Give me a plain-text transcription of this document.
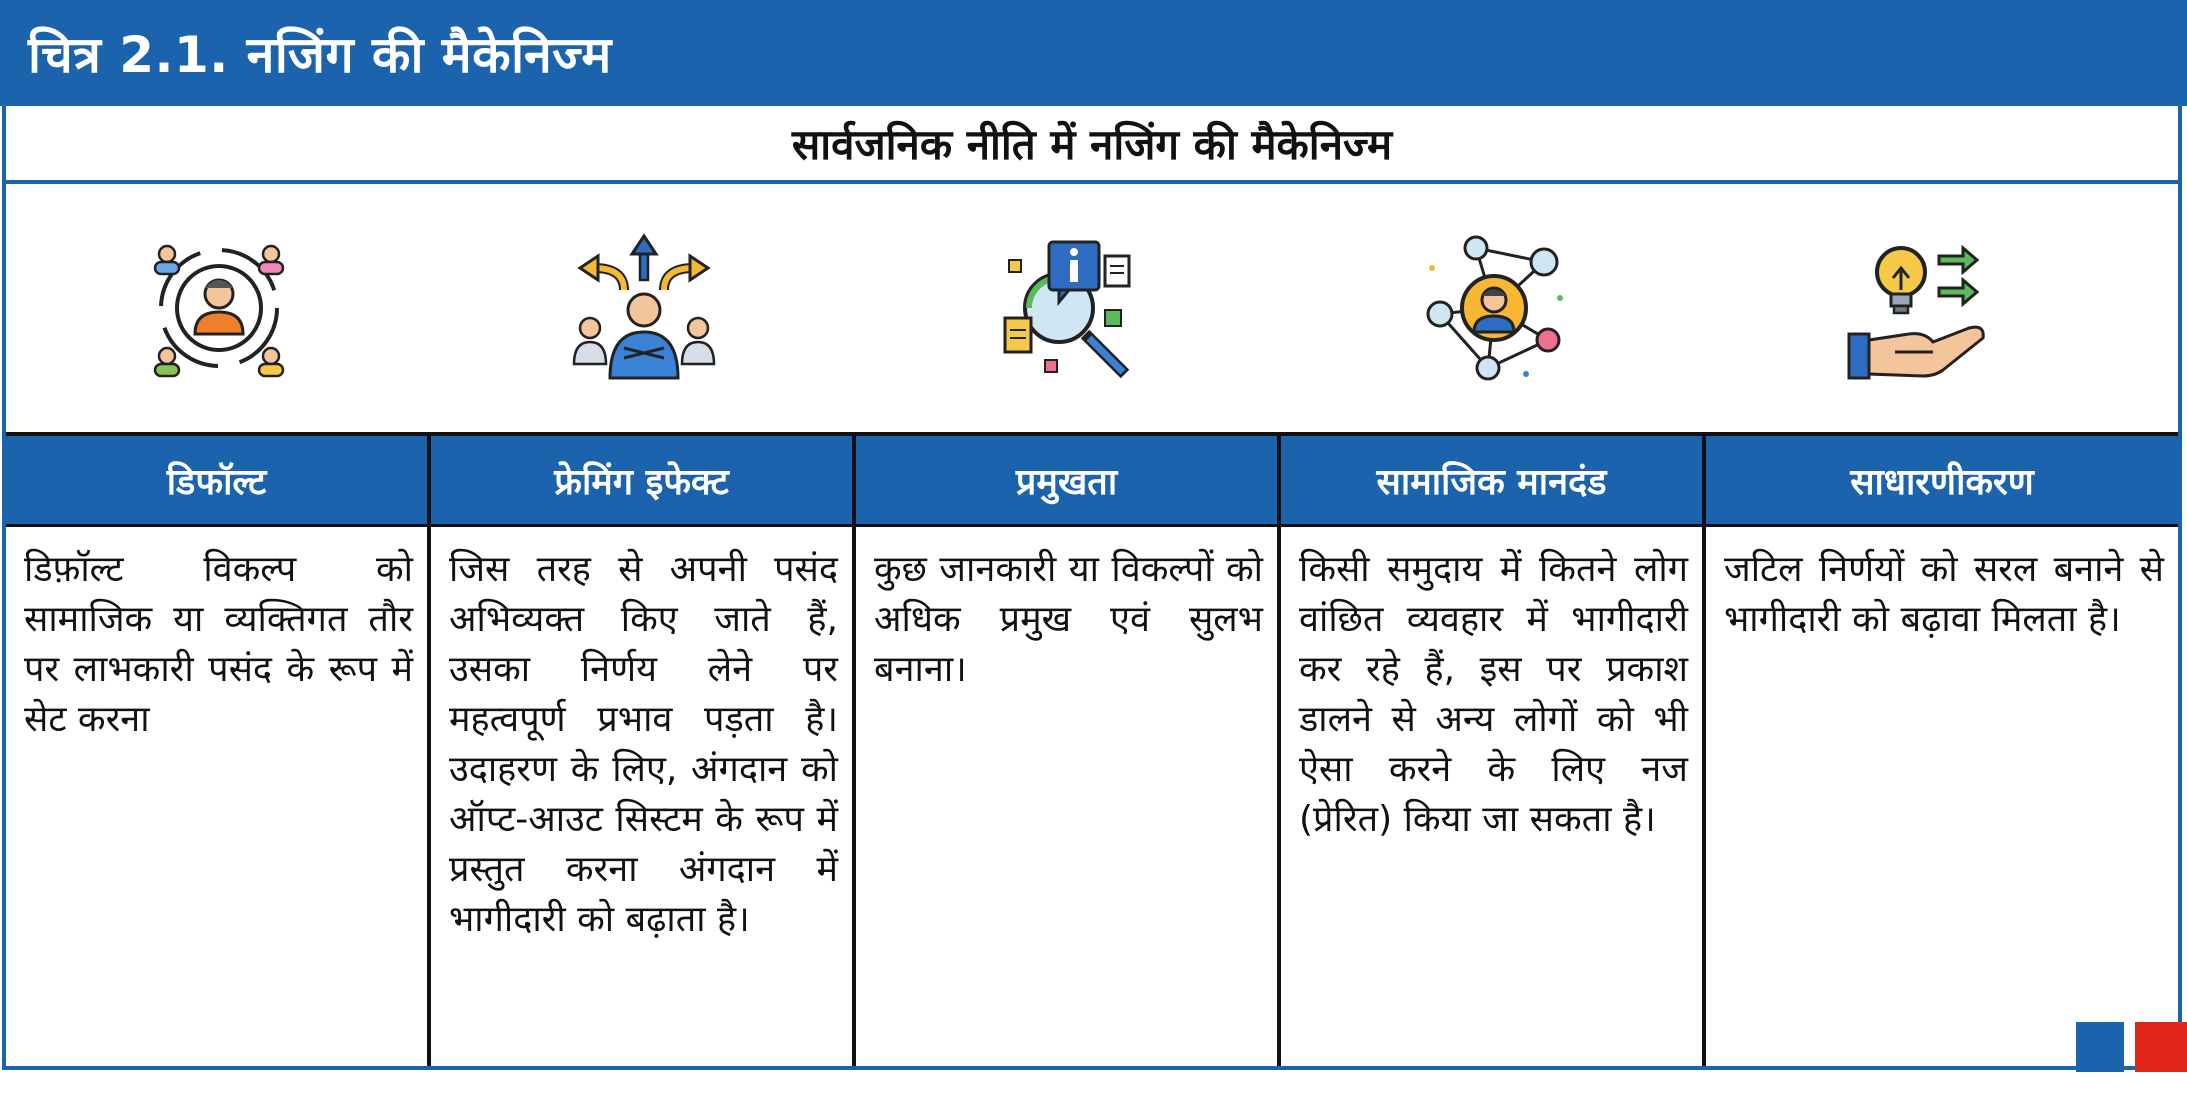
चित्र 2.1. नजिंग की मैकेनिज्म
सार्वजनिक नीति में नजिंग की मैकेनिज्म
डिफॉल्ट
डिफ़ॉल्ट विकल्प को सामाजिक या व्यक्तिगत तौर पर लाभकारी पसंद के रूप में सेट करना
फ्रेमिंग इफेक्ट
जिस तरह से अपनी पसंद अभिव्यक्त किए जाते हैं, उसका निर्णय लेने पर महत्वपूर्ण प्रभाव पड़ता है। उदाहरण के लिए, अंगदान को ऑप्ट-आउट सिस्टम के रूप में प्रस्तुत करना अंगदान में भागीदारी को बढ़ाता है।
प्रमुखता
कुछ जानकारी या विकल्पों को अधिक प्रमुख एवं सुलभ बनाना।
सामाजिक मानदंड
किसी समुदाय में कितने लोग वांछित व्यवहार में भागीदारी कर रहे हैं, इस पर प्रकाश डालने से अन्य लोगों को भी ऐसा करने के लिए नज (प्रेरित) किया जा सकता है।
साधारणीकरण
जटिल निर्णयों को सरल बनाने से भागीदारी को बढ़ावा मिलता है।
